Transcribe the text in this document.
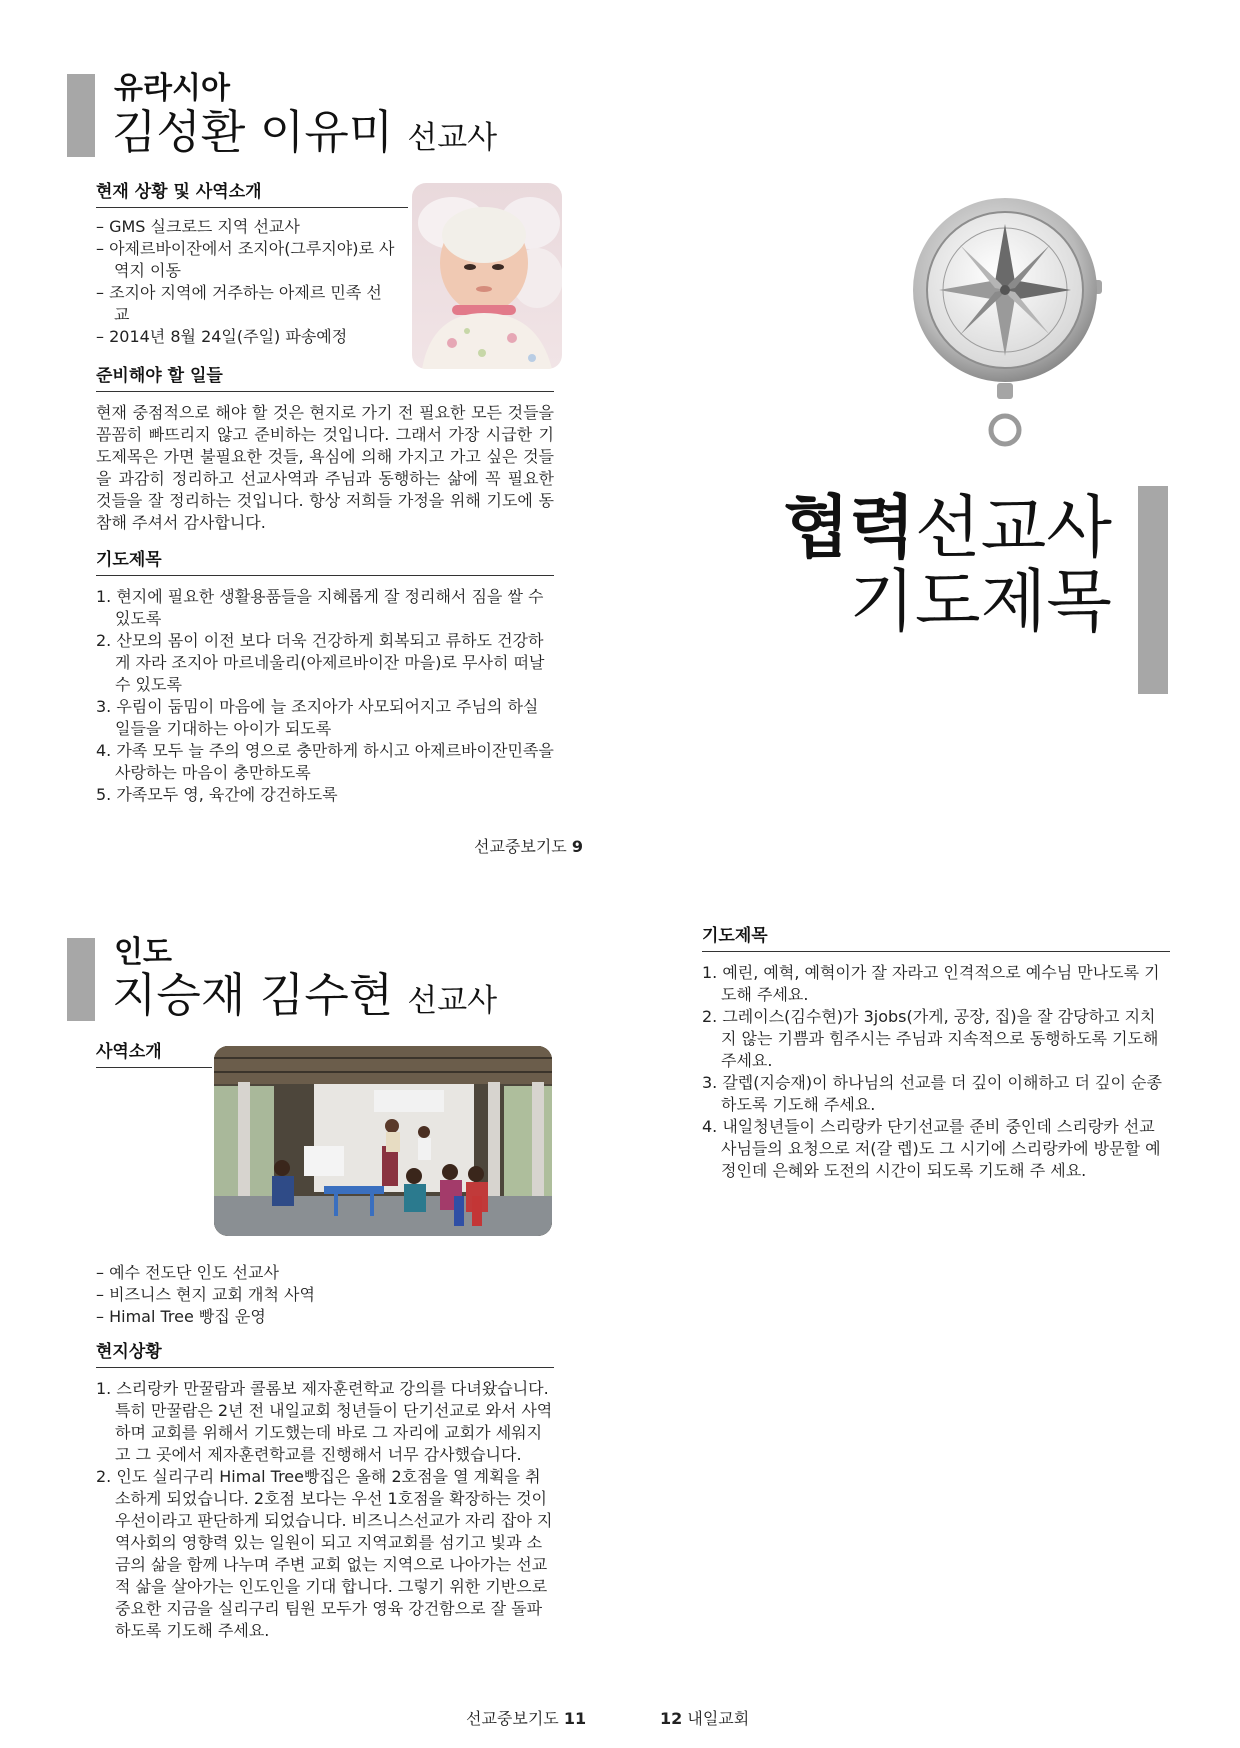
유라시아
김성환 이유미 선교사
현재 상황 및 사역소개
– GMS 실크로드 지역 선교사
– 아제르바이잔에서 조지아(그루지야)로 사역지 이동
– 조지아 지역에 거주하는 아제르 민족 선교
– 2014년 8월 24일(주일) 파송예정
준비해야 할 일들

현재 중점적으로 해야 할 것은 현지로 가기 전 필요한 모든 것들을 꼼꼼히 빠뜨리지 않고 준비하는 것입니다. 그래서 가장 시급한 기도제목은 가면 불필요한 것들, 욕심에 의해 가지고 가고 싶은 것들을 과감히 정리하고 선교사역과 주님과 동행하는 삶에 꼭 필요한 것들을 잘 정리하는 것입니다. 항상 저희들 가정을 위해 기도에 동참해 주셔서 감사합니다.

기도제목
1. 현지에 필요한 생활용품들을 지혜롭게 잘 정리해서 짐을 쌀 수 있도록
2. 산모의 몸이 이전 보다 더욱 건강하게 회복되고 류하도 건강하게 자라 조지아 마르네울리(아제르바이잔 마을)로 무사히 떠날 수 있도록
3. 우림이 둠밈이 마음에 늘 조지아가 사모되어지고 주님의 하실 일들을 기대하는 아이가 되도록
4. 가족 모두 늘 주의 영으로 충만하게 하시고 아제르바이잔민족을 사랑하는 마음이 충만하도록
5. 가족모두 영, 육간에 강건하도록
협력선교사
기도제목
선교중보기도 9
인도
지승재 김수현 선교사
사역소개
– 예수 전도단 인도 선교사
– 비즈니스 현지 교회 개척 사역
– Himal Tree 빵집 운영
현지상황
1. 스리랑카 만꿀람과 콜롬보 제자훈련학교 강의를 다녀왔습니다. 특히 만꿀람은 2년 전 내일교회 청년들이 단기선교로 와서 사역하며 교회를 위해서 기도했는데 바로 그 자리에 교회가 세워지고 그 곳에서 제자훈련학교를 진행해서 너무 감사했습니다.
2. 인도 실리구리 Himal Tree빵집은 올해 2호점을 열 계획을 취소하게 되었습니다. 2호점 보다는 우선 1호점을 확장하는 것이 우선이라고 판단하게 되었습니다. 비즈니스선교가 자리 잡아 지역사회의 영향력 있는 일원이 되고 지역교회를 섬기고 빛과 소금의 삶을 함께 나누며 주변 교회 없는 지역으로 나아가는 선교적 삶을 살아가는 인도인을 기대 합니다. 그렇기 위한 기반으로 중요한 지금을 실리구리 팀원 모두가 영육 강건함으로 잘 돌파 하도록 기도해 주세요.
기도제목
1. 예린, 예혁, 예혁이가 잘 자라고 인격적으로 예수님 만나도록 기도해 주세요.
2. 그레이스(김수현)가 3jobs(가게, 공장, 집)을 잘 감당하고 지치지 않는 기쁨과 힘주시는 주님과 지속적으로 동행하도록 기도해 주세요.
3. 갈렙(지승재)이 하나님의 선교를 더 깊이 이해하고 더 깊이 순종하도록 기도해 주세요.
4. 내일청년들이 스리랑카 단기선교를 준비 중인데 스리랑카 선교사님들의 요청으로 저(갈 렙)도 그 시기에 스리랑카에 방문할 예정인데 은혜와 도전의 시간이 되도록 기도해 주 세요.
선교중보기도 11	12 내일교회
